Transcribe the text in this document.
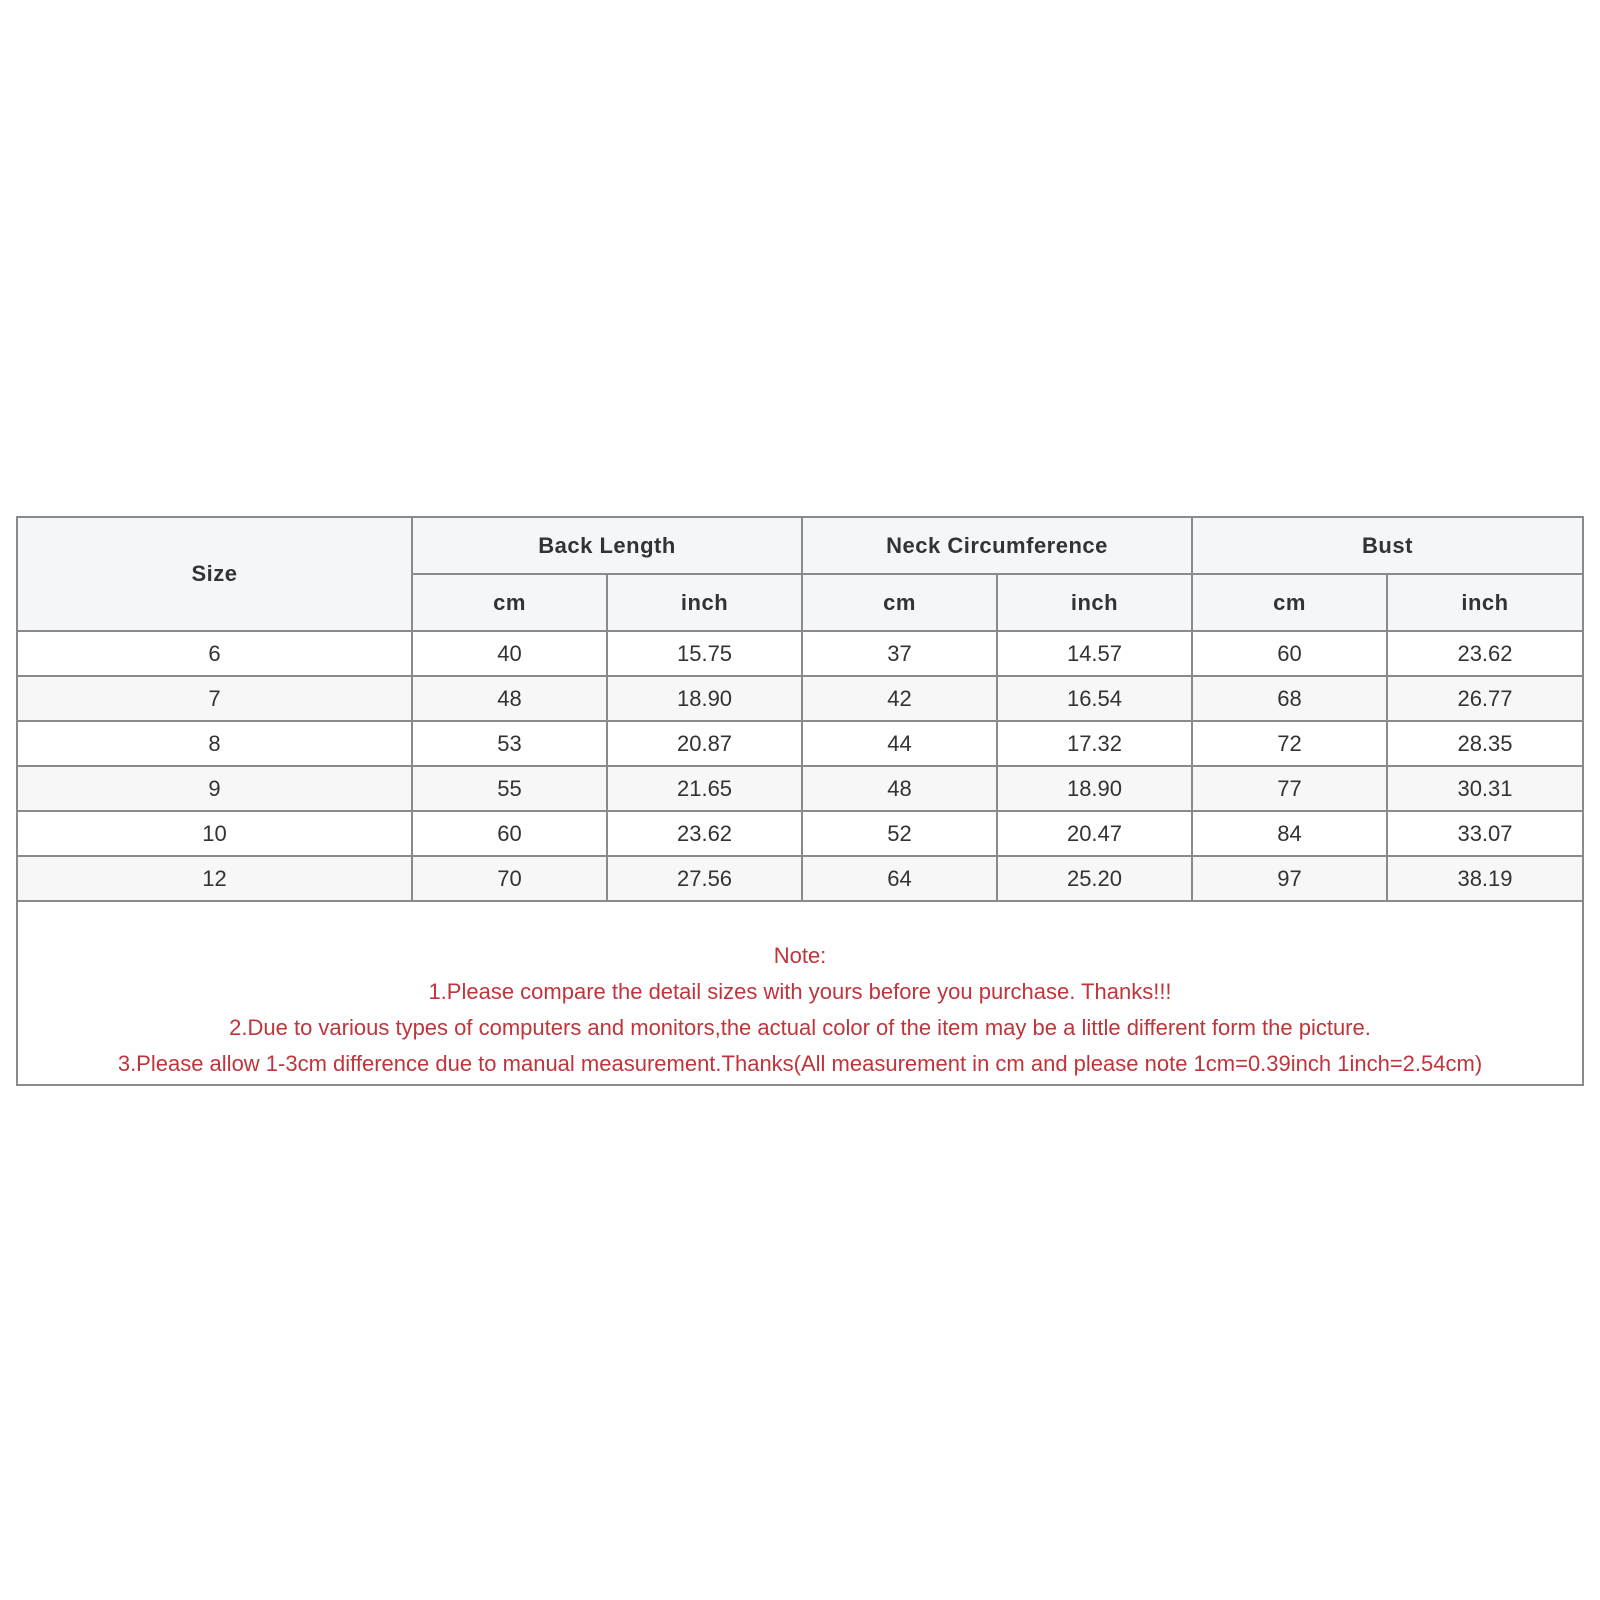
Size	Back Length		Neck Circumference		Bust	
	cm	inch	cm	inch	cm	inch
6	40	15.75	37	14.57	60	23.62
7	48	18.90	42	16.54	68	26.77
8	53	20.87	44	17.32	72	28.35
9	55	21.65	48	18.90	77	30.31
10	60	23.62	52	20.47	84	33.07
12	70	27.56	64	25.20	97	38.19
Note:
1.Please compare the detail sizes with yours before you purchase. Thanks!!!
2.Due to various types of computers and monitors,the actual color of the item may be a little different form the picture.
3.Please allow 1-3cm difference due to manual measurement.Thanks(All measurement in cm and please note 1cm=0.39inch 1inch=2.54cm)
